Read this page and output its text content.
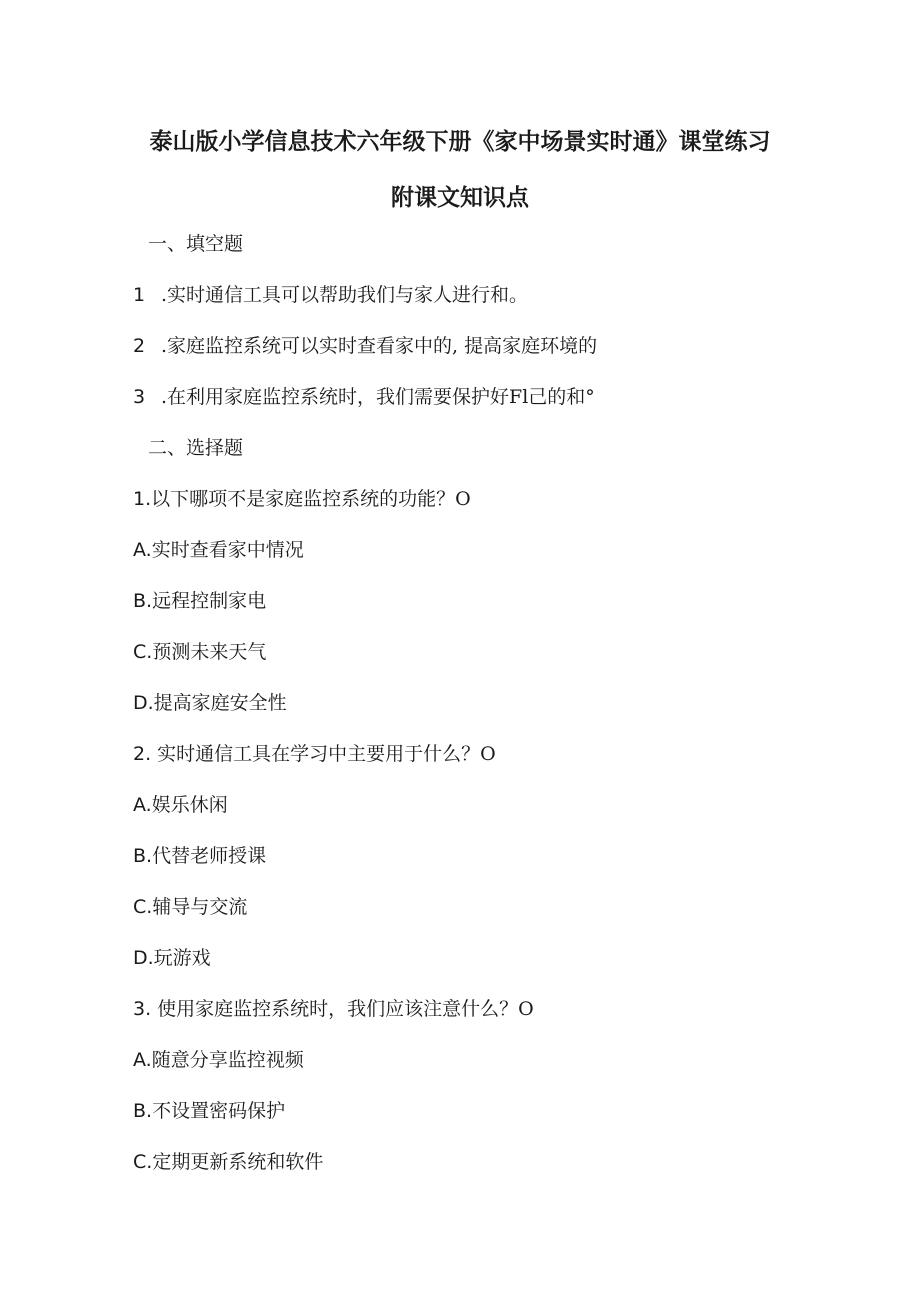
泰山版小学信息技术六年级下册《家中场景实时通》课堂练习
附课文知识点
一、填空题
1 .实时通信工具可以帮助我们与家人进行和。
2 .家庭监控系统可以实时查看家中的, 提高家庭环境的
3 .在利用家庭监控系统时，我们需要保护好Fl己的和°
二、选择题
1.以下哪项不是家庭监控系统的功能？O
A.实时查看家中情况
B.远程控制家电
C.预测未来天气
D.提高家庭安全性
2. 实时通信工具在学习中主要用于什么？O
A.娱乐休闲
B.代替老师授课
C.辅导与交流
D.玩游戏
3. 使用家庭监控系统时，我们应该注意什么？O
A.随意分享监控视频
B.不设置密码保护
C.定期更新系统和软件
